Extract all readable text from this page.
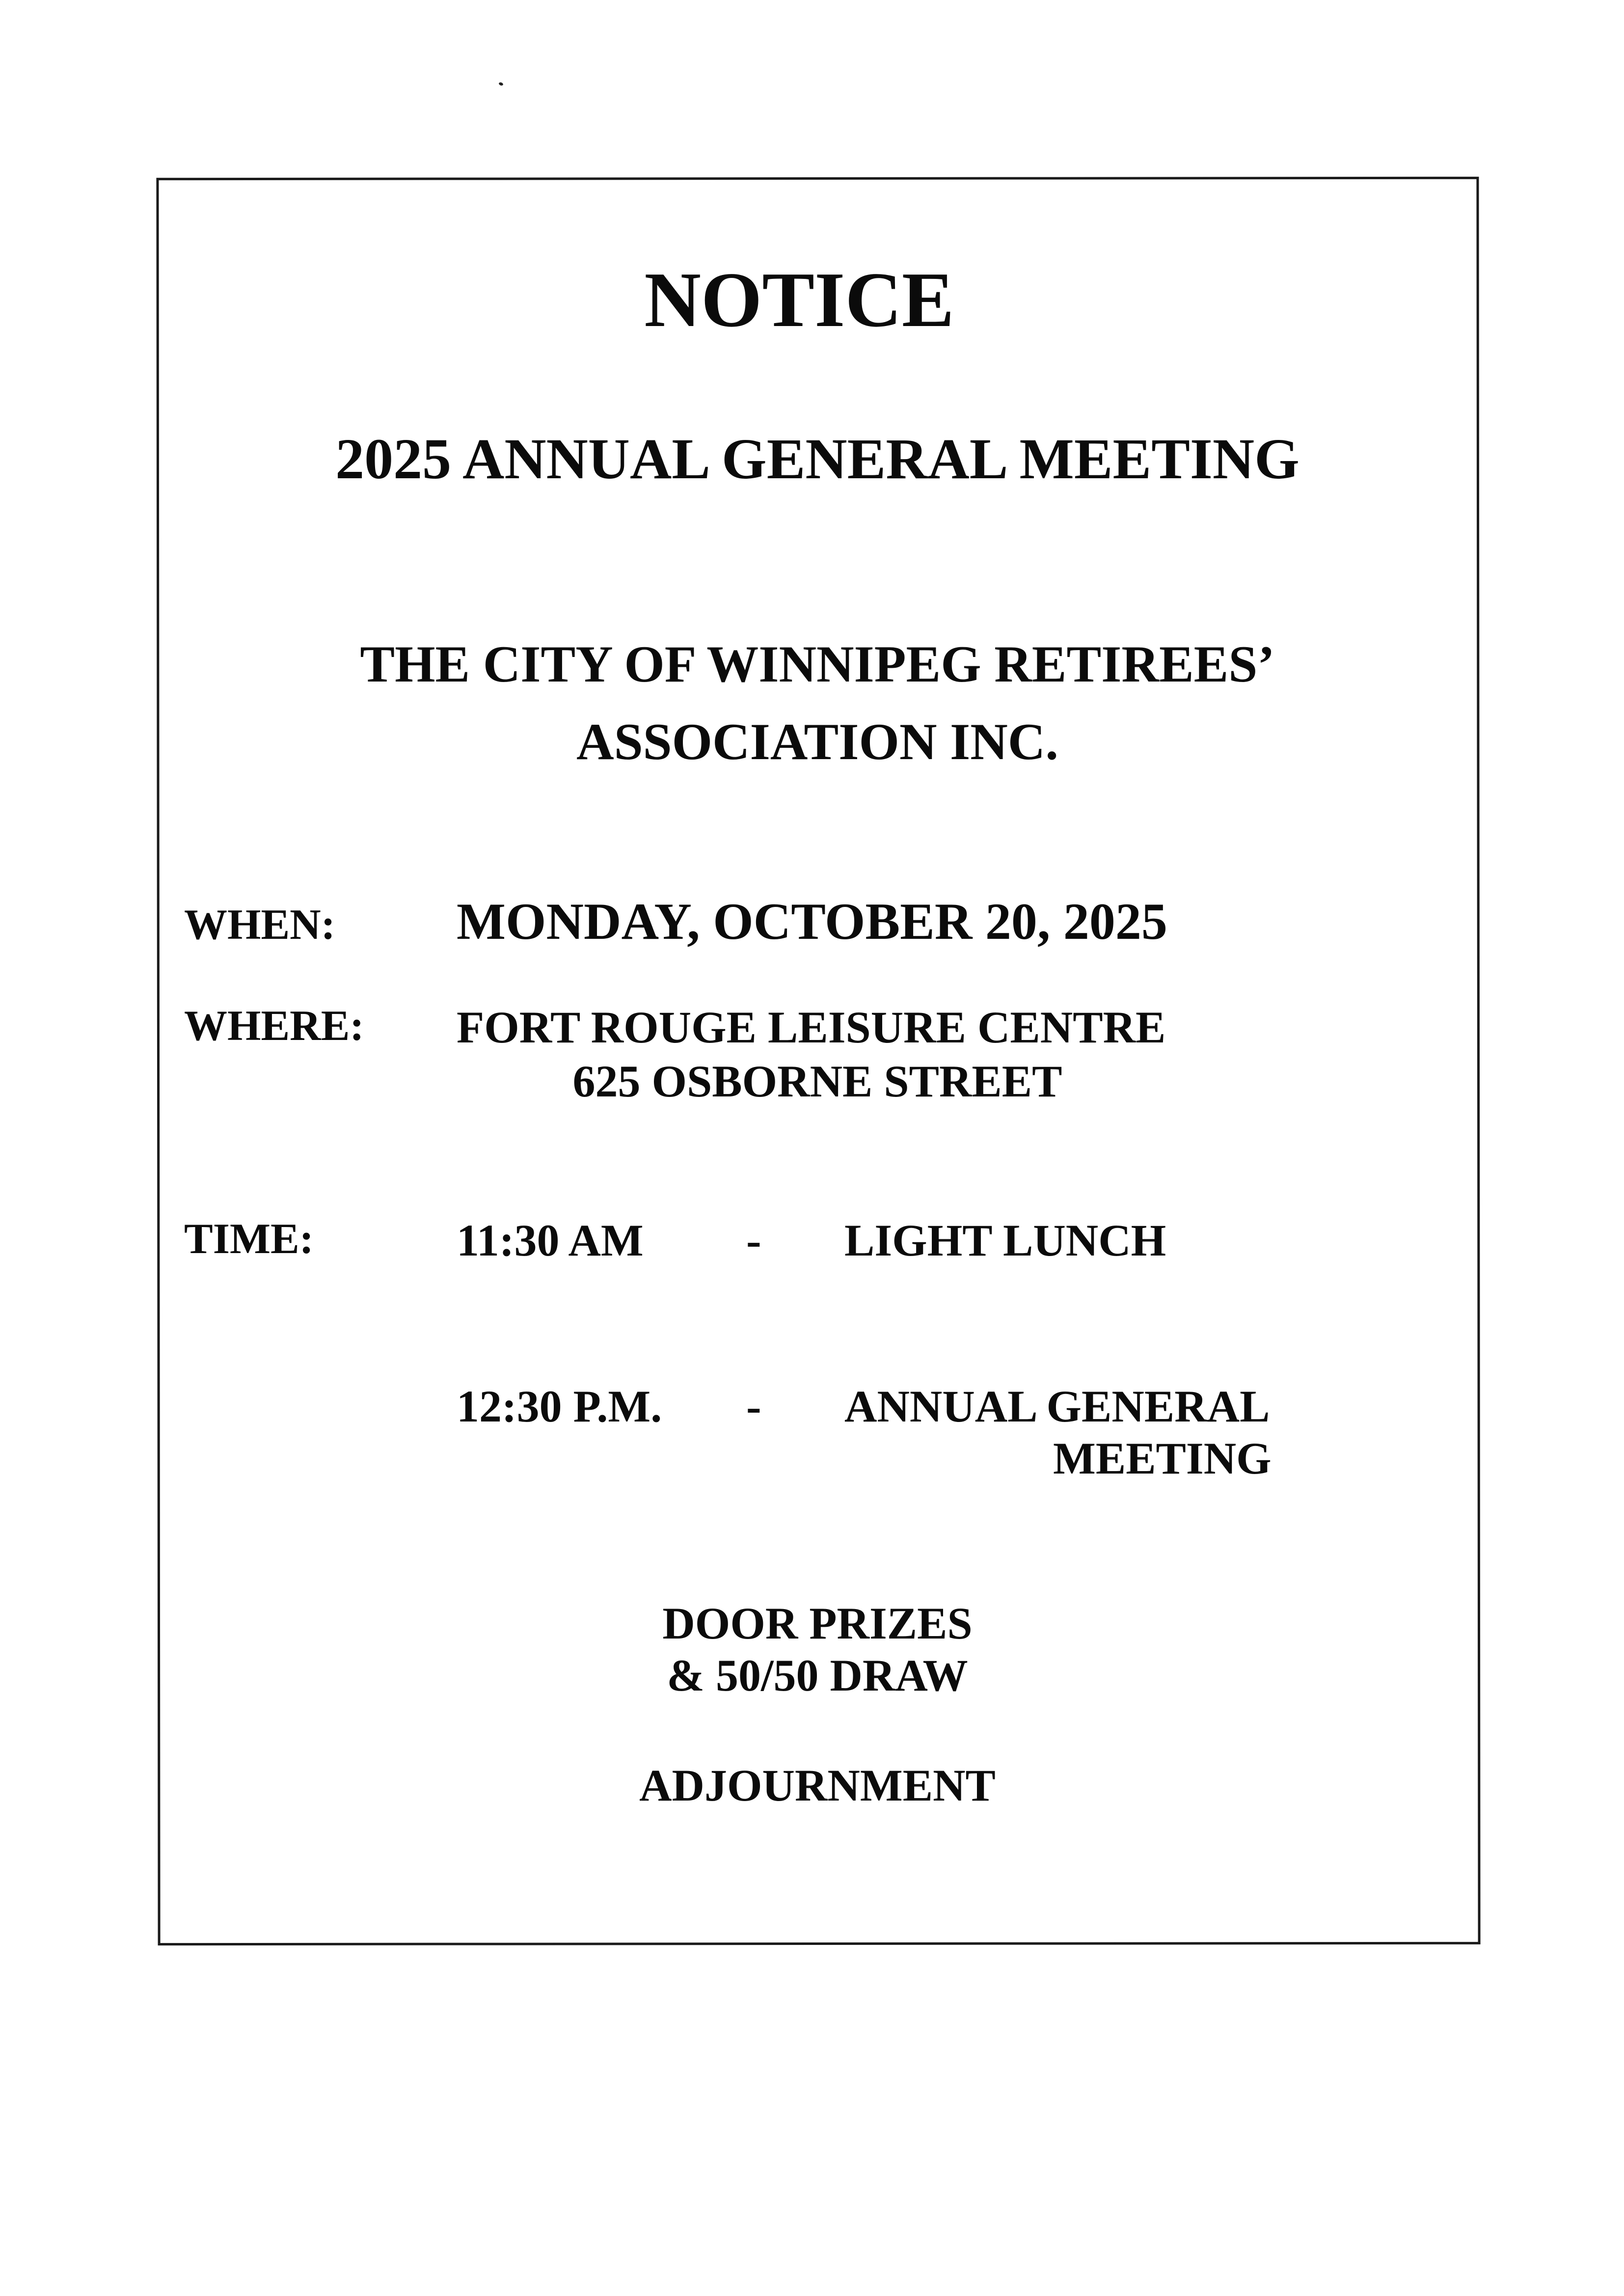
NOTICE
2025 ANNUAL GENERAL MEETING
THE CITY OF WINNIPEG RETIREES’
ASSOCIATION INC.
WHEN: MONDAY, OCTOBER 20, 2025
WHERE: FORT ROUGE LEISURE CENTRE
625 OSBORNE STREET
TIME:	11:30 AM - LIGHT LUNCH
12:30 P.M. - ANNUAL GENERAL
MEETING
DOOR PRIZES
& 50/50 DRAW
ADJOURNMENT
